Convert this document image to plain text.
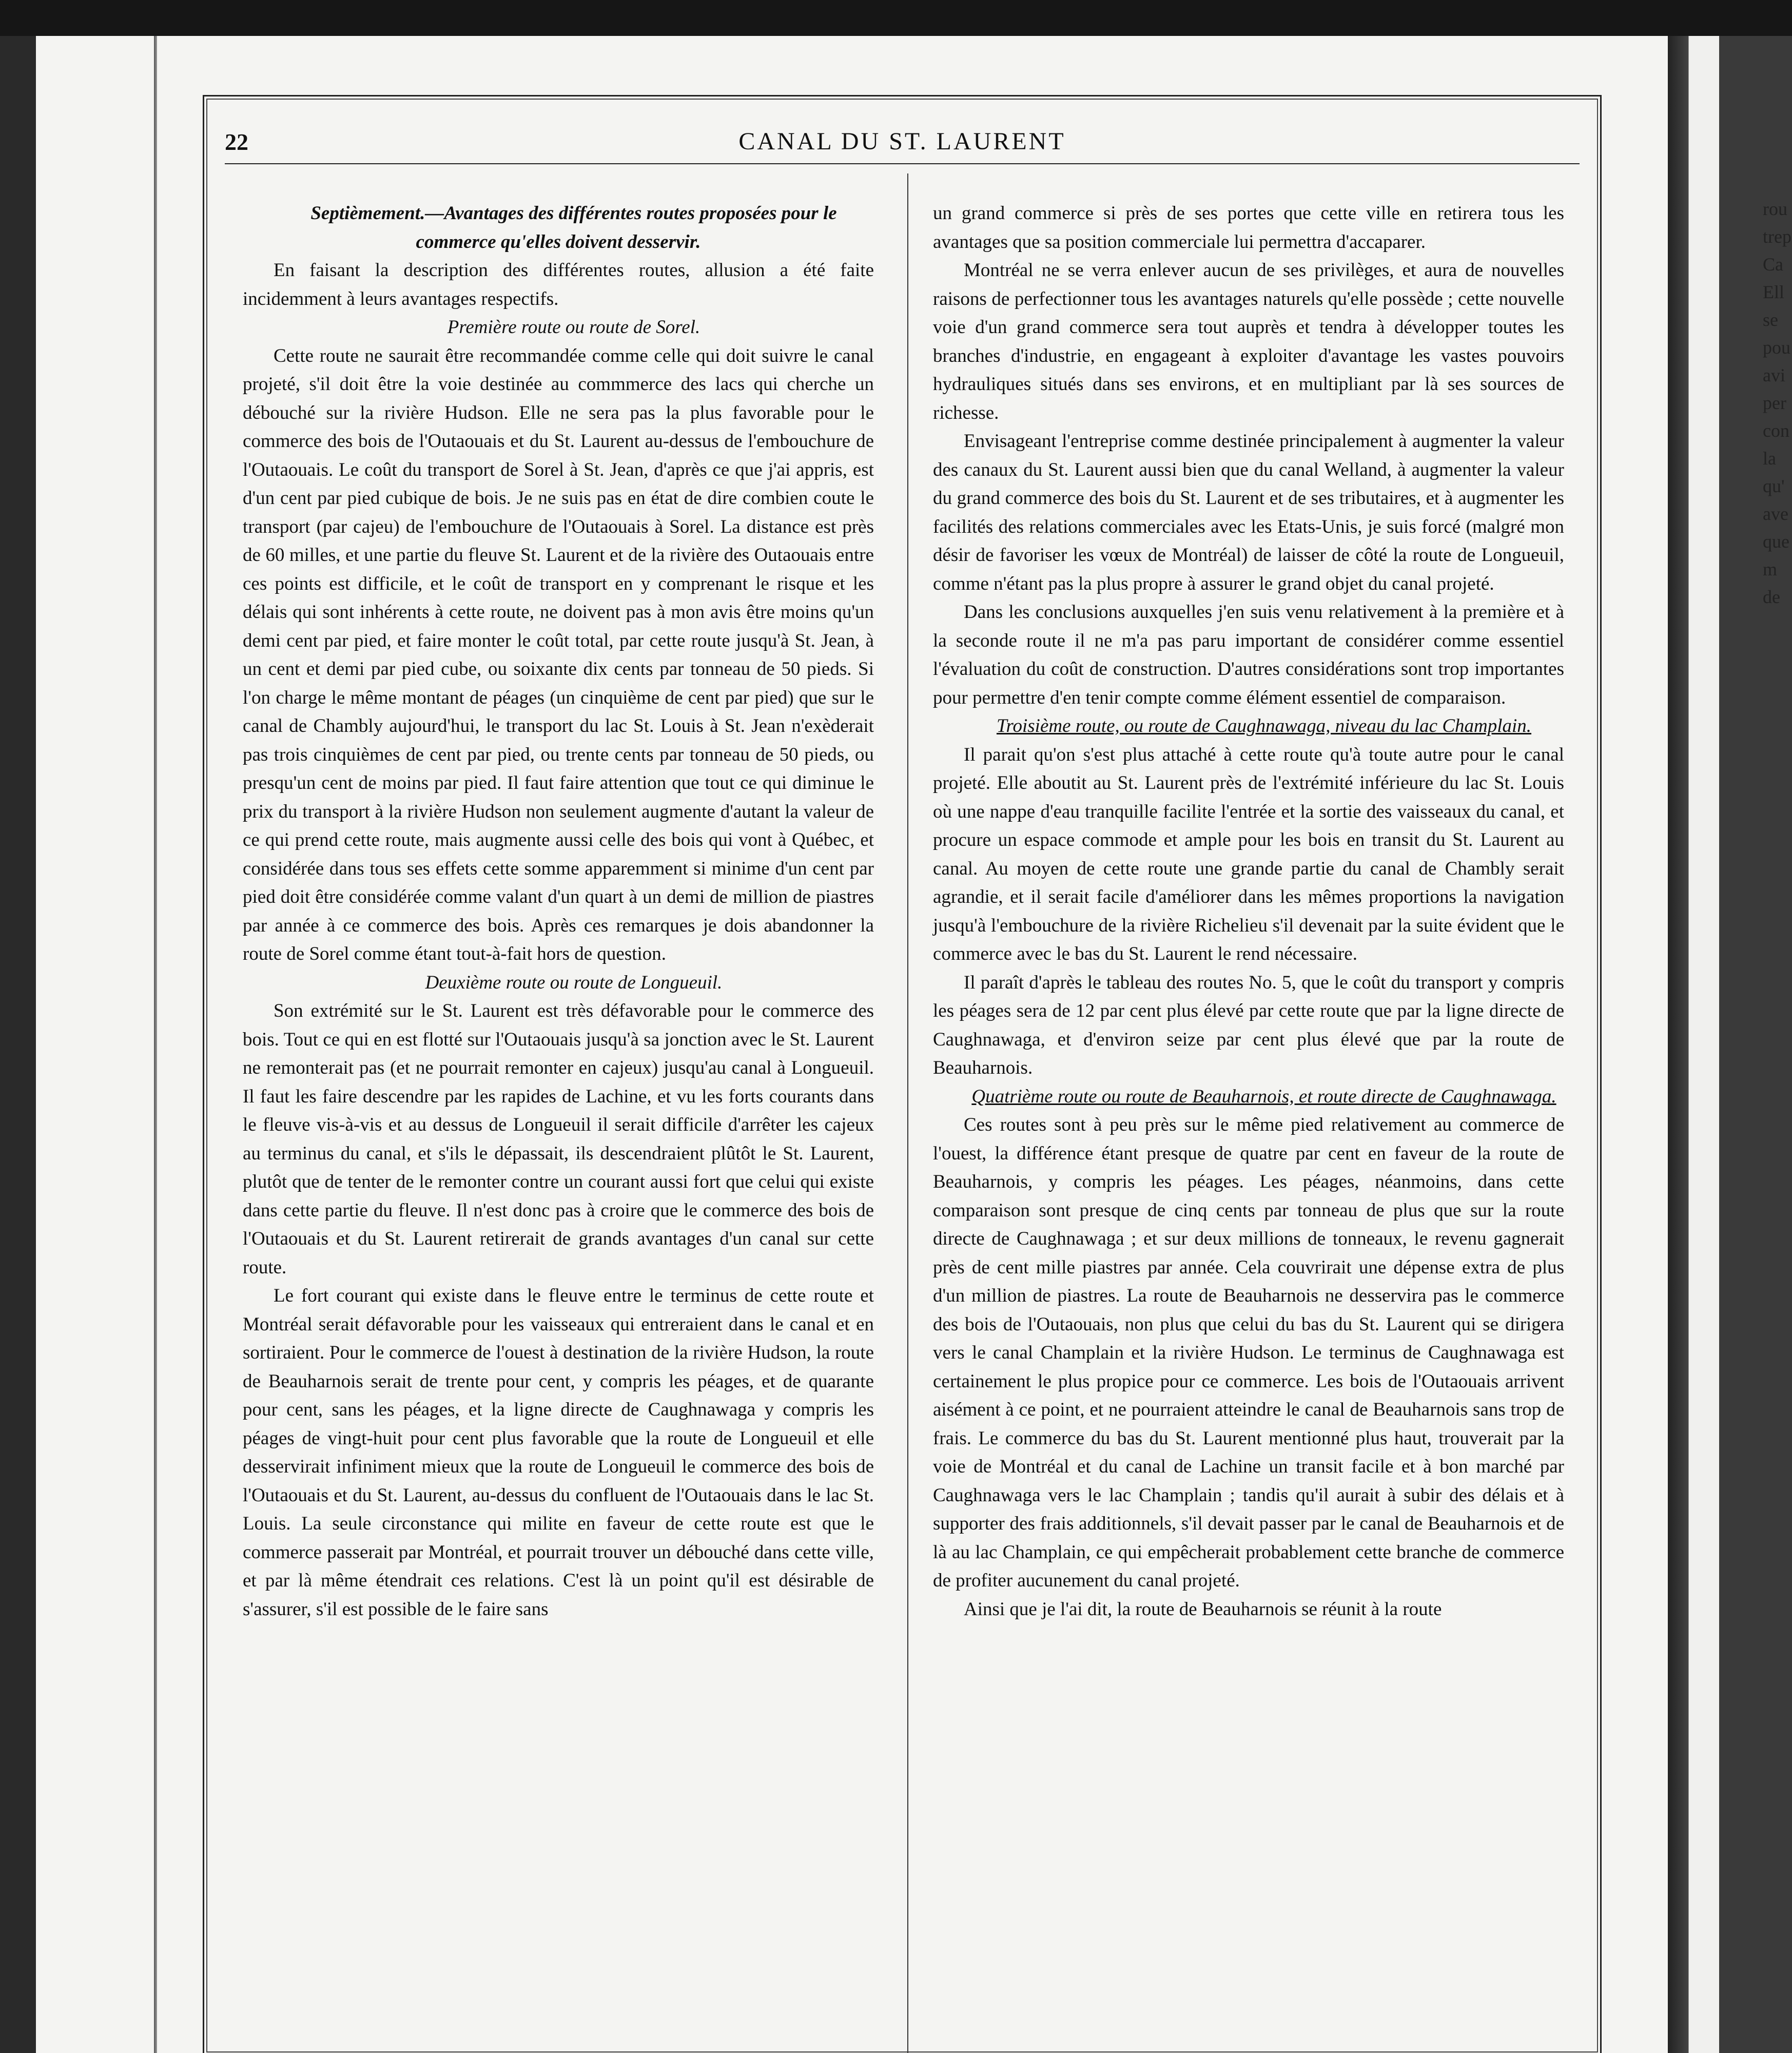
22	CANAL DU ST. LAURENT

Septièmement.—Avantages des différentes routes proposées pour le commerce qu'elles doivent desservir.

En faisant la description des différentes routes, allusion a été faite incidemment à leurs avantages respectifs.

Première route ou route de Sorel.

Cette route ne saurait être recommandée comme celle qui doit suivre le canal projeté, s'il doit être la voie destinée au commmerce des lacs qui cherche un débouché sur la rivière Hudson. Elle ne sera pas la plus favorable pour le commerce des bois de l'Outaouais et du St. Laurent au-dessus de l'embouchure de l'Outaouais. Le coût du transport de Sorel à St. Jean, d'après ce que j'ai appris, est d'un cent par pied cubique de bois. Je ne suis pas en état de dire combien coute le transport (par cajeu) de l'embouchure de l'Outaouais à Sorel. La distance est près de 60 milles, et une partie du fleuve St. Laurent et de la rivière des Outaouais entre ces points est difficile, et le coût de transport en y comprenant le risque et les délais qui sont inhérents à cette route, ne doivent pas à mon avis être moins qu'un demi cent par pied, et faire monter le coût total, par cette route jusqu'à St. Jean, à un cent et demi par pied cube, ou soixante dix cents par tonneau de 50 pieds. Si l'on charge le même montant de péages (un cinquième de cent par pied) que sur le canal de Chambly aujourd'hui, le transport du lac St. Louis à St. Jean n'exèderait pas trois cinquièmes de cent par pied, ou trente cents par tonneau de 50 pieds, ou presqu'un cent de moins par pied. Il faut faire attention que tout ce qui diminue le prix du transport à la rivière Hudson non seulement augmente d'autant la valeur de ce qui prend cette route, mais augmente aussi celle des bois qui vont à Québec, et considérée dans tous ses effets cette somme apparemment si minime d'un cent par pied doit être considérée comme valant d'un quart à un demi de million de piastres par année à ce commerce des bois. Après ces remarques je dois abandonner la route de Sorel comme étant tout-à-fait hors de question.

Deuxième route ou route de Longueuil.

Son extrémité sur le St. Laurent est très défavorable pour le commerce des bois. Tout ce qui en est flotté sur l'Outaouais jusqu'à sa jonction avec le St. Laurent ne remonterait pas (et ne pourrait remonter en cajeux) jusqu'au canal à Longueuil. Il faut les faire descendre par les rapides de Lachine, et vu les forts courants dans le fleuve vis-à-vis et au dessus de Longueuil il serait difficile d'arrêter les cajeux au terminus du canal, et s'ils le dépassait, ils descendraient plûtôt le St. Laurent, plutôt que de tenter de le remonter contre un courant aussi fort que celui qui existe dans cette partie du fleuve. Il n'est donc pas à croire que le commerce des bois de l'Outaouais et du St. Laurent retirerait de grands avantages d'un canal sur cette route.

Le fort courant qui existe dans le fleuve entre le terminus de cette route et Montréal serait défavorable pour les vaisseaux qui entreraient dans le canal et en sortiraient. Pour le commerce de l'ouest à destination de la rivière Hudson, la route de Beauharnois serait de trente pour cent, y compris les péages, et de quarante pour cent, sans les péages, et la ligne directe de Caughnawaga y compris les péages de vingt-huit pour cent plus favorable que la route de Longueuil et elle desservirait infiniment mieux que la route de Longueuil le commerce des bois de l'Outaouais et du St. Laurent, au-dessus du confluent de l'Outaouais dans le lac St. Louis. La seule circonstance qui milite en faveur de cette route est que le commerce passerait par Montréal, et pourrait trouver un débouché dans cette ville, et par là même étendrait ces relations. C'est là un point qu'il est désirable de s'assurer, s'il est possible de le faire sans

un grand commerce si près de ses portes que cette ville en retirera tous les avantages que sa position commerciale lui permettra d'accaparer.

Montréal ne se verra enlever aucun de ses privilèges, et aura de nouvelles raisons de perfectionner tous les avantages naturels qu'elle possède ; cette nouvelle voie d'un grand commerce sera tout auprès et tendra à développer toutes les branches d'industrie, en engageant à exploiter d'avantage les vastes pouvoirs hydrauliques situés dans ses environs, et en multipliant par là ses sources de richesse.

Envisageant l'entreprise comme destinée principalement à augmenter la valeur des canaux du St. Laurent aussi bien que du canal Welland, à augmenter la valeur du grand commerce des bois du St. Laurent et de ses tributaires, et à augmenter les facilités des relations commerciales avec les Etats-Unis, je suis forcé (malgré mon désir de favoriser les vœux de Montréal) de laisser de côté la route de Longueuil, comme n'étant pas la plus propre à assurer le grand objet du canal projeté.

Dans les conclusions auxquelles j'en suis venu relativement à la première et à la seconde route il ne m'a pas paru important de considérer comme essentiel l'évaluation du coût de construction. D'autres considérations sont trop importantes pour permettre d'en tenir compte comme élément essentiel de comparaison.

Troisième route, ou route de Caughnawaga, niveau du lac Champlain.

Il parait qu'on s'est plus attaché à cette route qu'à toute autre pour le canal projeté. Elle aboutit au St. Laurent près de l'extrémité inférieure du lac St. Louis où une nappe d'eau tranquille facilite l'entrée et la sortie des vaisseaux du canal, et procure un espace commode et ample pour les bois en transit du St. Laurent au canal. Au moyen de cette route une grande partie du canal de Chambly serait agrandie, et il serait facile d'améliorer dans les mêmes proportions la navigation jusqu'à l'embouchure de la rivière Richelieu s'il devenait par la suite évident que le commerce avec le bas du St. Laurent le rend nécessaire.

Il paraît d'après le tableau des routes No. 5, que le coût du transport y compris les péages sera de 12 par cent plus élevé par cette route que par la ligne directe de Caughnawaga, et d'environ seize par cent plus élevé que par la route de Beauharnois.

Quatrième route ou route de Beauharnois, et route directe de Caughnawaga.

Ces routes sont à peu près sur le même pied relativement au commerce de l'ouest, la différence étant presque de quatre par cent en faveur de la route de Beauharnois, y compris les péages. Les péages, néanmoins, dans cette comparaison sont presque de cinq cents par tonneau de plus que sur la route directe de Caughnawaga ; et sur deux millions de tonneaux, le revenu gagnerait près de cent mille piastres par année. Cela couvrirait une dépense extra de plus d'un million de piastres. La route de Beauharnois ne desservira pas le commerce des bois de l'Outaouais, non plus que celui du bas du St. Laurent qui se dirigera vers le canal Champlain et la rivière Hudson. Le terminus de Caughnawaga est certainement le plus propice pour ce commerce. Les bois de l'Outaouais arrivent aisément à ce point, et ne pourraient atteindre le canal de Beauharnois sans trop de frais. Le commerce du bas du St. Laurent mentionné plus haut, trouverait par la voie de Montréal et du canal de Lachine un transit facile et à bon marché par Caughnawaga vers le lac Champlain ; tandis qu'il aurait à subir des délais et à supporter des frais additionnels, s'il devait passer par le canal de Beauharnois et de là au lac Champlain, ce qui empêcherait probablement cette branche de commerce de profiter aucunement du canal projeté.

Ainsi que je l'ai dit, la route de Beauharnois se réunit à la route

rou
trep
Ca
Ell
se
pou
avi
per
con
la
qu'
ave
que
m
de
